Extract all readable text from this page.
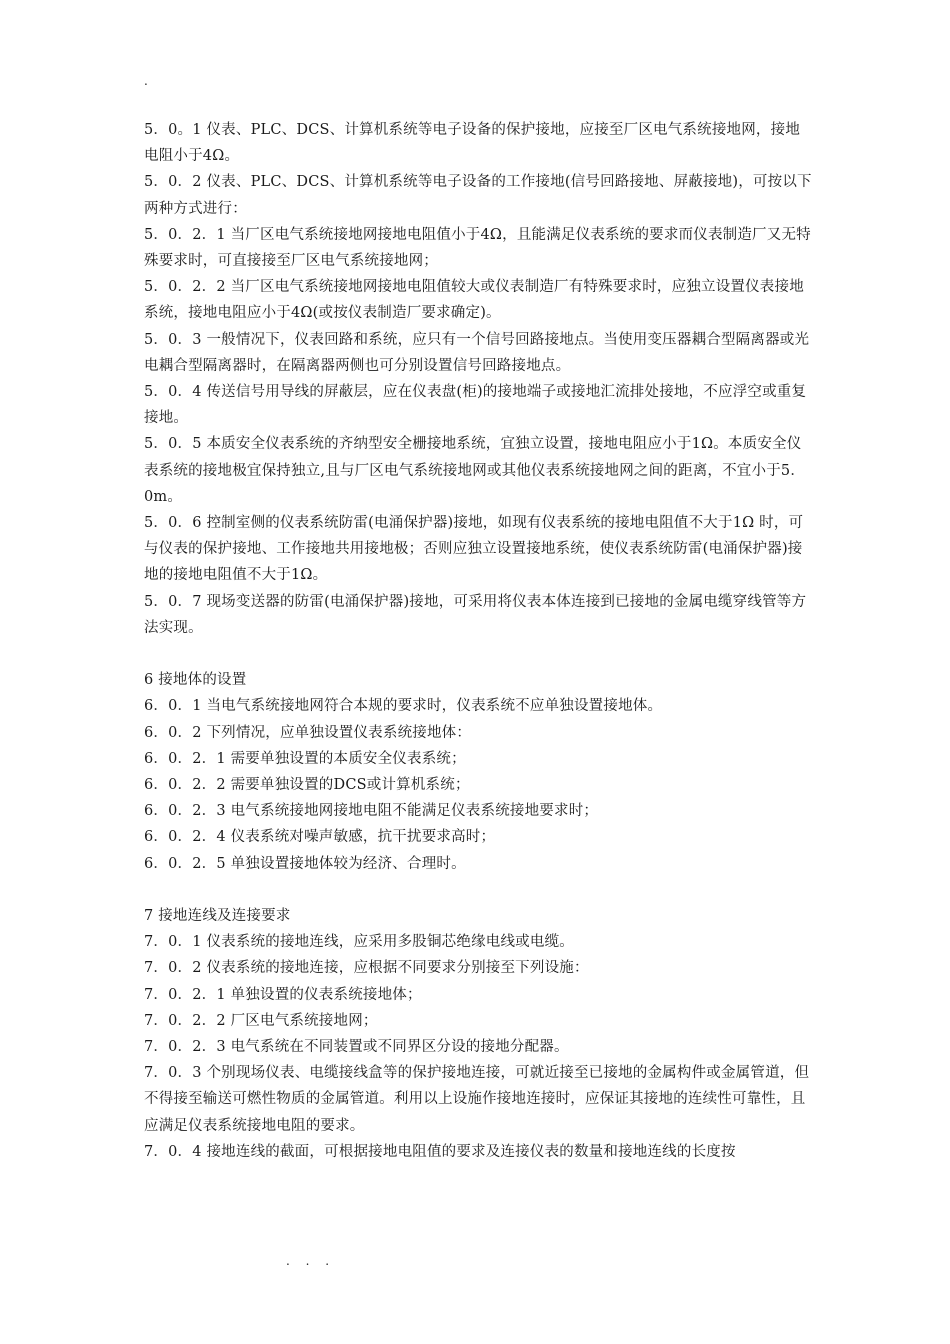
.

5．0。1 仪表、PLC、DCS、计算机系统等电子设备的保护接地，应接至厂区电气系统接地网，接地电阻小于4Ω。

5．0．2 仪表、PLC、DCS、计算机系统等电子设备的工作接地(信号回路接地、屏蔽接地)，可按以下两种方式进行：

5．0．2．1 当厂区电气系统接地网接地电阻值小于4Ω，且能满足仪表系统的要求而仪表制造厂又无特殊要求时，可直接接至厂区电气系统接地网；

5．0．2．2 当厂区电气系统接地网接地电阻值较大或仪表制造厂有特殊要求时，应独立设置仪表接地系统，接地电阻应小于4Ω(或按仪表制造厂要求确定)。

5．0．3 一般情况下，仪表回路和系统，应只有一个信号回路接地点。当使用变压器耦合型隔离器或光电耦合型隔离器时，在隔离器两侧也可分别设置信号回路接地点。

5．0．4 传送信号用导线的屏蔽层，应在仪表盘(柜)的接地端子或接地汇流排处接地，不应浮空或重复接地。

5．0．5 本质安全仪表系统的齐纳型安全栅接地系统，宜独立设置，接地电阻应小于1Ω。本质安全仪表系统的接地极宜保持独立,且与厂区电气系统接地网或其他仪表系统接地网之间的距离，不宜小于5．0m。

5．0．6 控制室侧的仪表系统防雷(电涌保护器)接地，如现有仪表系统的接地电阻值不大于1Ω 时，可与仪表的保护接地、工作接地共用接地极；否则应独立设置接地系统，使仪表系统防雷(电涌保护器)接地的接地电阻值不大于1Ω。

5．0．7 现场变送器的防雷(电涌保护器)接地，可采用将仪表本体连接到已接地的金属电缆穿线管等方法实现。

6 接地体的设置

6．0．1 当电气系统接地网符合本规的要求时，仪表系统不应单独设置接地体。

6．0．2 下列情况，应单独设置仪表系统接地体：

6．0．2．1 需要单独设置的本质安全仪表系统；

6．0．2．2 需要单独设置的DCS或计算机系统；

6．0．2．3 电气系统接地网接地电阻不能满足仪表系统接地要求时；

6．0．2．4 仪表系统对噪声敏感，抗干扰要求高时；

6．0．2．5 单独设置接地体较为经济、合理时。

7 接地连线及连接要求

7．0．1 仪表系统的接地连线，应采用多股铜芯绝缘电线或电缆。

7．0．2 仪表系统的接地连接，应根据不同要求分别接至下列设施：

7．0．2．1 单独设置的仪表系统接地体；

7．0．2．2 厂区电气系统接地网；

7．0．2．3 电气系统在不同装置或不同界区分设的接地分配器。

7．0．3 个别现场仪表、电缆接线盒等的保护接地连接，可就近接至已接地的金属构件或金属管道，但不得接至输送可燃性物质的金属管道。利用以上设施作接地连接时，应保证其接地的连续性可靠性，且应满足仪表系统接地电阻的要求。

7．0．4 接地连线的截面，可根据接地电阻值的要求及连接仪表的数量和接地连线的长度按

. . .
